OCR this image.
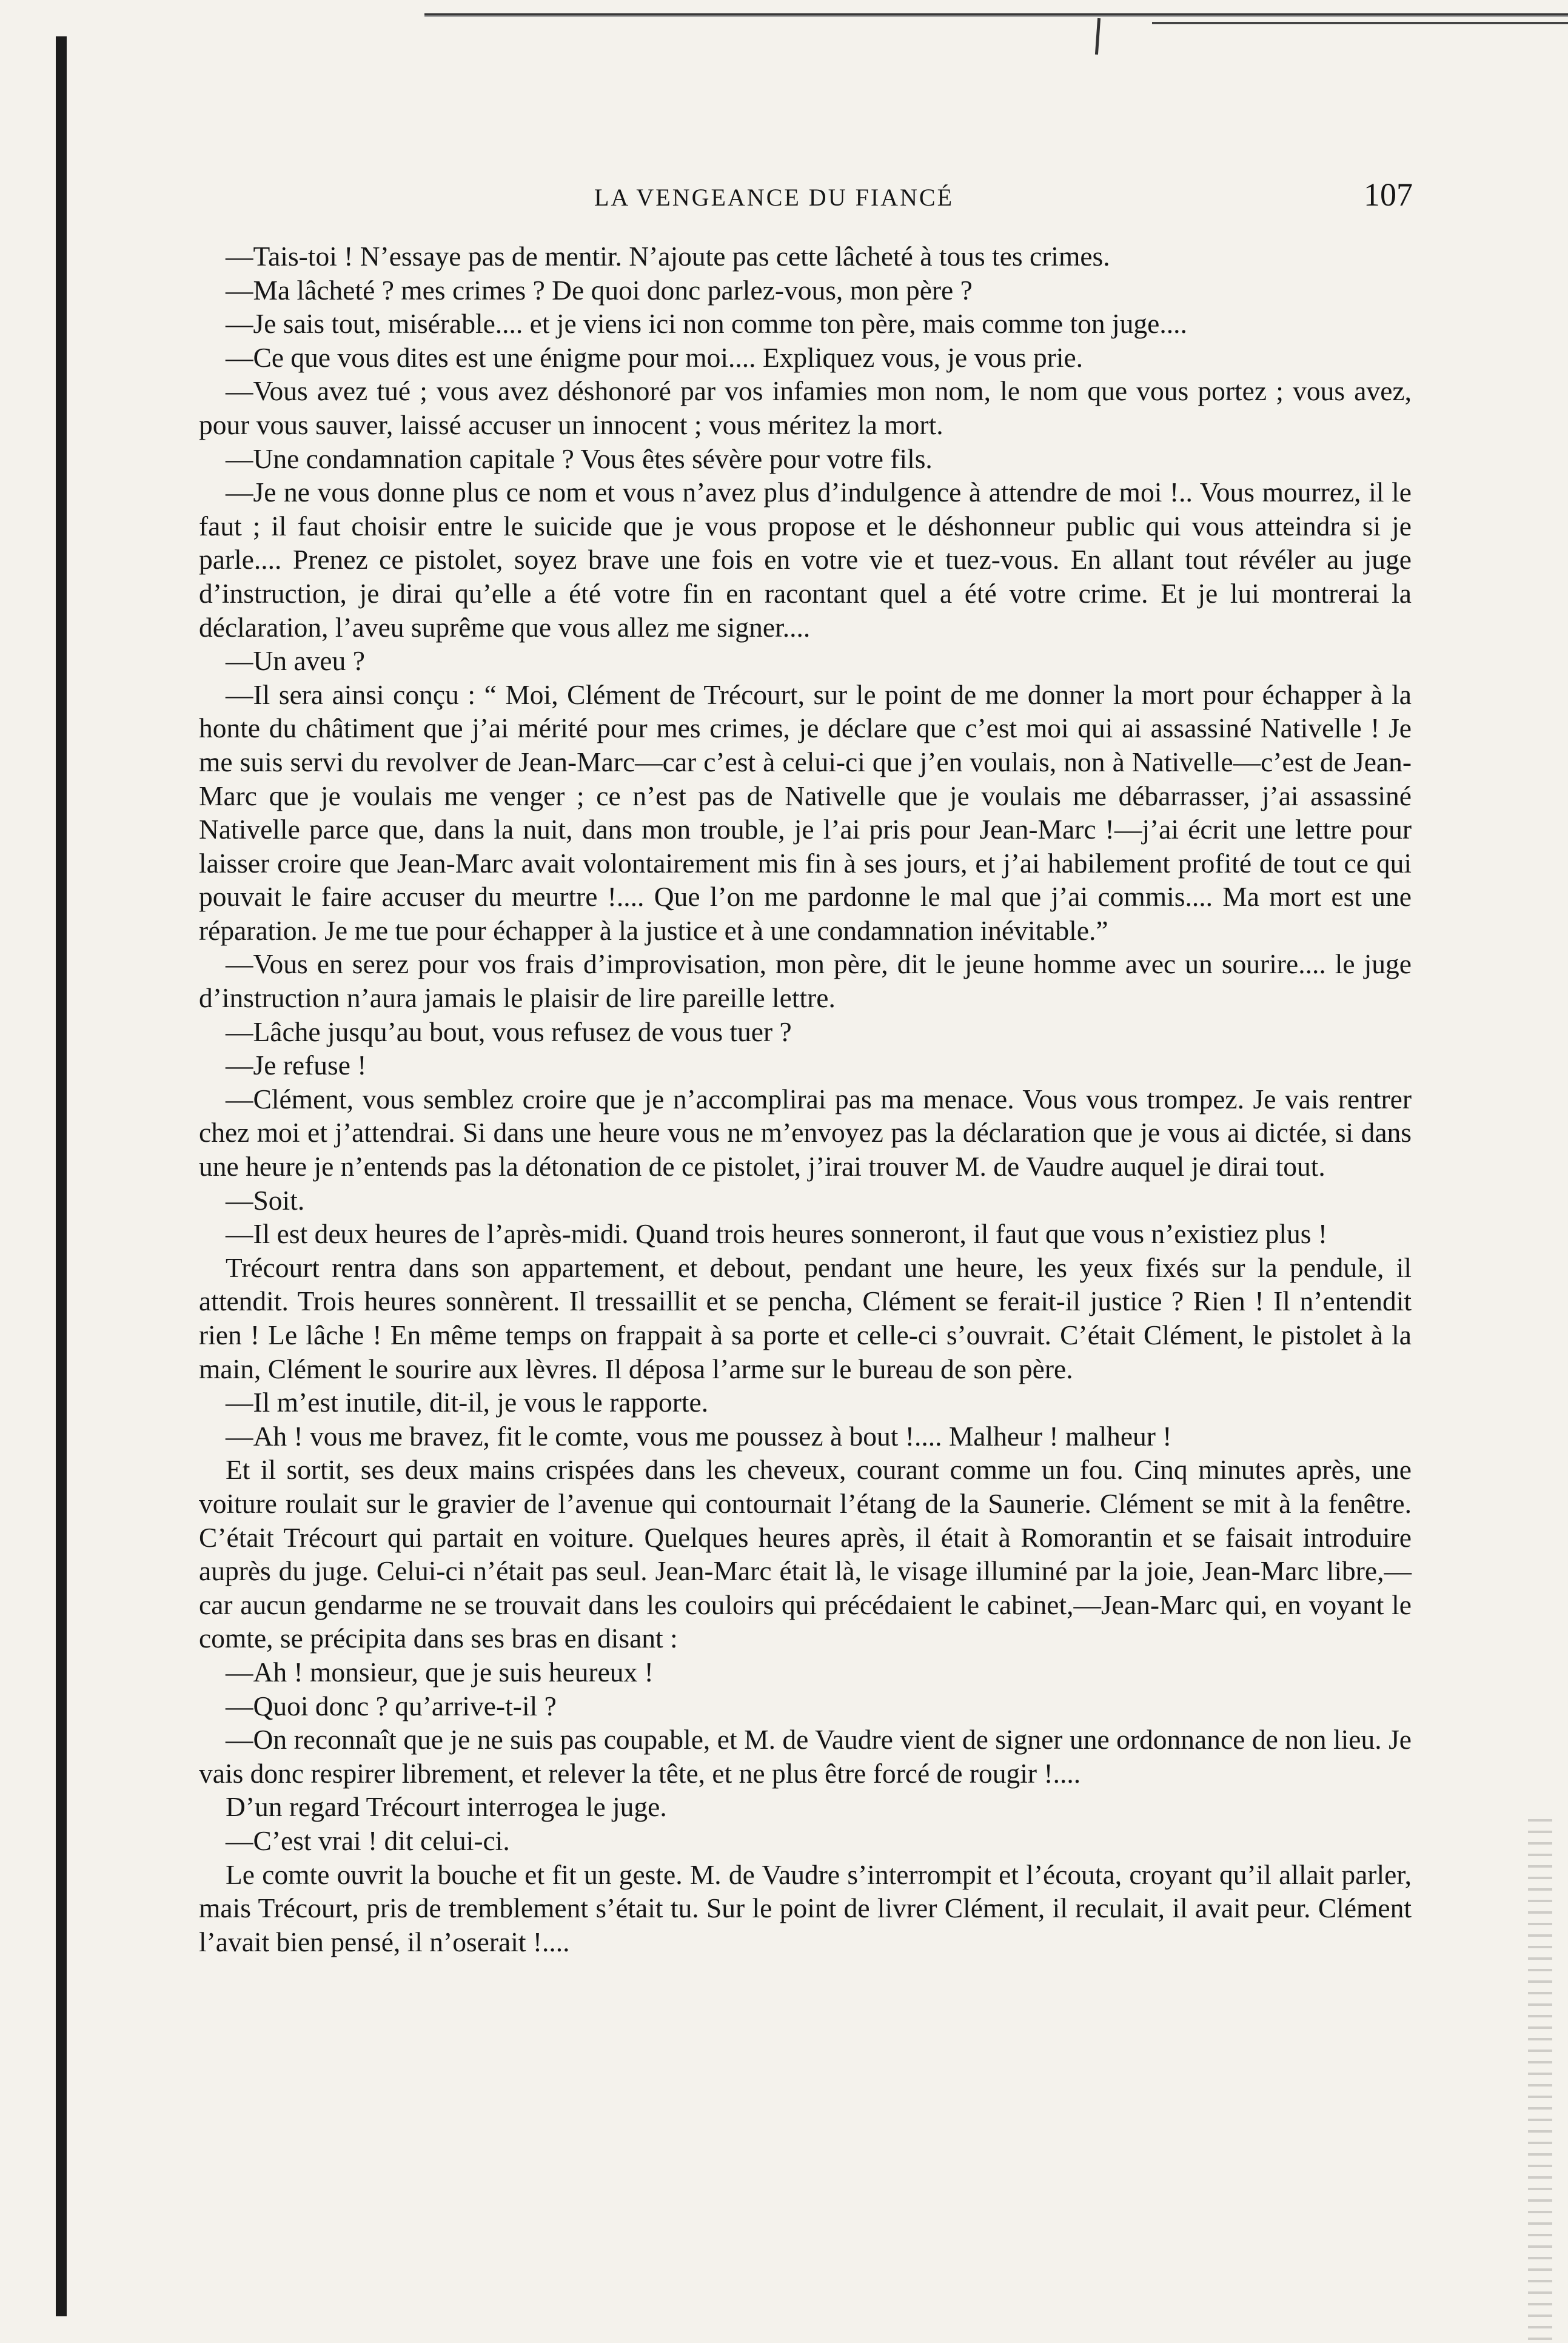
LA VENGEANCE DU FIANCÉ	107

—Tais-toi ! N’essaye pas de mentir. N’ajoute pas cette lâcheté à tous tes crimes.

—Ma lâcheté ? mes crimes ? De quoi donc parlez-vous, mon père ?

—Je sais tout, misérable.... et je viens ici non comme ton père, mais comme ton juge....

—Ce que vous dites est une énigme pour moi.... Expliquez vous, je vous prie.

—Vous avez tué ; vous avez déshonoré par vos infamies mon nom, le nom que vous portez ; vous avez, pour vous sauver, laissé accuser un innocent ; vous méritez la mort.

—Une condamnation capitale ? Vous êtes sévère pour votre fils.

—Je ne vous donne plus ce nom et vous n’avez plus d’indulgence à attendre de moi !.. Vous mourrez, il le faut ; il faut choisir entre le suicide que je vous propose et le déshonneur public qui vous atteindra si je parle.... Prenez ce pistolet, soyez brave une fois en votre vie et tuez-vous. En allant tout révéler au juge d’instruction, je dirai qu’elle a été votre fin en racontant quel a été votre crime. Et je lui montrerai la déclaration, l’aveu suprême que vous allez me signer....

—Un aveu ?

—Il sera ainsi conçu : “ Moi, Clément de Trécourt, sur le point de me donner la mort pour échapper à la honte du châtiment que j’ai mérité pour mes crimes, je déclare que c’est moi qui ai assassiné Nativelle ! Je me suis servi du revolver de Jean-Marc—car c’est à celui-ci que j’en voulais, non à Nativelle—c’est de Jean-Marc que je voulais me venger ; ce n’est pas de Nativelle que je voulais me débarrasser, j’ai assassiné Nativelle parce que, dans la nuit, dans mon trouble, je l’ai pris pour Jean-Marc !—j’ai écrit une lettre pour laisser croire que Jean-Marc avait volontairement mis fin à ses jours, et j’ai habilement profité de tout ce qui pouvait le faire accuser du meurtre !.... Que l’on me pardonne le mal que j’ai commis.... Ma mort est une réparation. Je me tue pour échapper à la justice et à une condamnation inévitable.”

—Vous en serez pour vos frais d’improvisation, mon père, dit le jeune homme avec un sourire.... le juge d’instruction n’aura jamais le plaisir de lire pareille lettre.

—Lâche jusqu’au bout, vous refusez de vous tuer ?

—Je refuse !

—Clément, vous semblez croire que je n’accomplirai pas ma menace. Vous vous trompez. Je vais rentrer chez moi et j’attendrai. Si dans une heure vous ne m’envoyez pas la déclaration que je vous ai dictée, si dans une heure je n’entends pas la détonation de ce pistolet, j’irai trouver M. de Vaudre auquel je dirai tout.

—Soit.

—Il est deux heures de l’après-midi. Quand trois heures sonneront, il faut que vous n’existiez plus !

Trécourt rentra dans son appartement, et debout, pendant une heure, les yeux fixés sur la pendule, il attendit. Trois heures sonnèrent. Il tressaillit et se pencha, Clément se ferait-il justice ? Rien ! Il n’entendit rien ! Le lâche ! En même temps on frappait à sa porte et celle-ci s’ouvrait. C’était Clément, le pistolet à la main, Clément le sourire aux lèvres. Il déposa l’arme sur le bureau de son père.

—Il m’est inutile, dit-il, je vous le rapporte.

—Ah ! vous me bravez, fit le comte, vous me poussez à bout !.... Malheur ! malheur !

Et il sortit, ses deux mains crispées dans les cheveux, courant comme un fou. Cinq minutes après, une voiture roulait sur le gravier de l’avenue qui contournait l’étang de la Saunerie. Clément se mit à la fenêtre. C’était Trécourt qui partait en voiture. Quelques heures après, il était à Romorantin et se faisait introduire auprès du juge. Celui-ci n’était pas seul. Jean-Marc était là, le visage illuminé par la joie, Jean-Marc libre,—car aucun gendarme ne se trouvait dans les couloirs qui précédaient le cabinet,—Jean-Marc qui, en voyant le comte, se précipita dans ses bras en disant :

—Ah ! monsieur, que je suis heureux !

—Quoi donc ? qu’arrive-t-il ?

—On reconnaît que je ne suis pas coupable, et M. de Vaudre vient de signer une ordonnance de non lieu. Je vais donc respirer librement, et relever la tête, et ne plus être forcé de rougir !....

D’un regard Trécourt interrogea le juge.

—C’est vrai ! dit celui-ci.

Le comte ouvrit la bouche et fit un geste. M. de Vaudre s’interrompit et l’écouta, croyant qu’il allait parler, mais Trécourt, pris de tremblement s’était tu. Sur le point de livrer Clément, il reculait, il avait peur. Clément l’avait bien pensé, il n’oserait !....
